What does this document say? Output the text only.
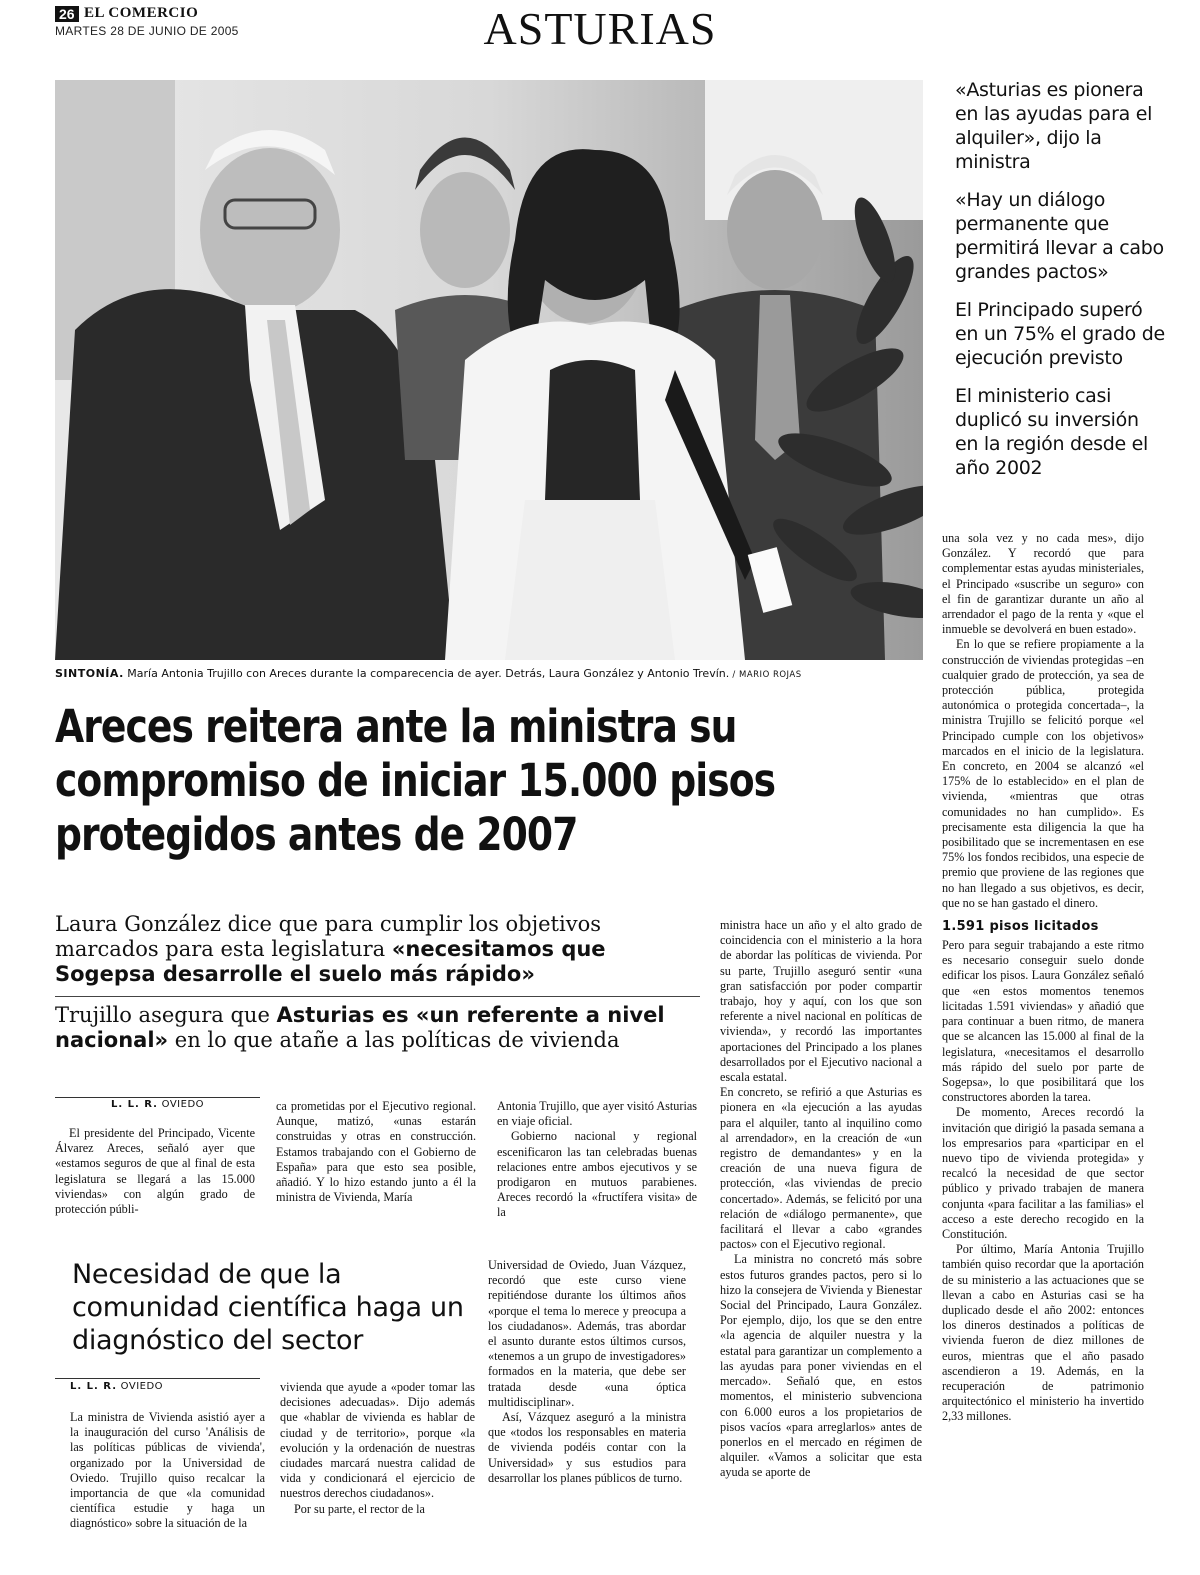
26 EL COMERCIO
MARTES 28 DE JUNIO DE 2005	ASTURIAS
SINTONÍA. María Antonia Trujillo con Areces durante la comparecencia de ayer. Detrás, Laura González y Antonio Trevín. / MARIO ROJAS
«Asturias es pionera en las ayudas para el alquiler», dijo la ministra
«Hay un diálogo permanente que permitirá llevar a cabo grandes pactos»
El Principado superó en un 75% el grado de ejecución previsto
El ministerio casi duplicó su inversión en la región desde el año 2002
Areces reitera ante la ministra su compromiso de iniciar 15.000 pisos protegidos antes de 2007
Laura González dice que para cumplir los objetivos marcados para esta legislatura «necesitamos que Sogepsa desarrolle el suelo más rápido»
Trujillo asegura que Asturias es «un referente a nivel nacional» en lo que atañe a las políticas de vivienda
L. L. R. OVIEDO

El presidente del Principado, Vicente Álvarez Areces, señaló ayer que «estamos seguros de que al final de esta legislatura se llegará a las 15.000 viviendas» con algún grado de protección públi-

ca prometidas por el Ejecutivo regional. Aunque, matizó, «unas estarán construidas y otras en construcción. Estamos trabajando con el Gobierno de España» para que esto sea posible, añadió. Y lo hizo estando junto a él la ministra de Vivienda, María

Antonia Trujillo, que ayer visitó Asturias en viaje oficial.

Gobierno nacional y regional escenificaron las tan celebradas buenas relaciones entre ambos ejecutivos y se prodigaron en mutuos parabienes. Areces recordó la «fructífera visita» de la

ministra hace un año y el alto grado de coincidencia con el ministerio a la hora de abordar las políticas de vivienda. Por su parte, Trujillo aseguró sentir «una gran satisfacción por poder compartir trabajo, hoy y aquí, con los que son referente a nivel nacional en políticas de vivienda», y recordó las importantes aportaciones del Principado a los planes desarrollados por el Ejecutivo nacional a escala estatal.

En concreto, se refirió a que Asturias es pionera en «la ejecución a las ayudas para el alquiler, tanto al inquilino como al arrendador», en la creación de «un registro de demandantes» y en la creación de una nueva figura de protección, «las viviendas de precio concertado». Además, se felicitó por una relación de «diálogo permanente», que facilitará el llevar a cabo «grandes pactos» con el Ejecutivo regional.

La ministra no concretó más sobre estos futuros grandes pactos, pero si lo hizo la consejera de Vivienda y Bienestar Social del Principado, Laura González. Por ejemplo, dijo, los que se den entre «la agencia de alquiler nuestra y la estatal para garantizar un complemento a las ayudas para poner viviendas en el mercado». Señaló que, en estos momentos, el ministerio subvenciona con 6.000 euros a los propietarios de pisos vacíos «para arreglarlos» antes de ponerlos en el mercado en régimen de alquiler. «Vamos a solicitar que esta ayuda se aporte de

una sola vez y no cada mes», dijo González. Y recordó que para complementar estas ayudas ministeriales, el Principado «suscribe un seguro» con el fin de garantizar durante un año al arrendador el pago de la renta y «que el inmueble se devolverá en buen estado».

En lo que se refiere propiamente a la construcción de viviendas protegidas –en cualquier grado de protección, ya sea de protección pública, protegida autonómica o protegida concertada–, la ministra Trujillo se felicitó porque «el Principado cumple con los objetivos» marcados en el inicio de la legislatura. En concreto, en 2004 se alcanzó «el 175% de lo establecido» en el plan de vivienda, «mientras que otras comunidades no han cumplido». Es precisamente esta diligencia la que ha posibilitado que se incrementasen en ese 75% los fondos recibidos, una especie de premio que proviene de las regiones que no han llegado a sus objetivos, es decir, que no se han gastado el dinero.

1.591 pisos licitados

Pero para seguir trabajando a este ritmo es necesario conseguir suelo donde edificar los pisos. Laura González señaló que «en estos momentos tenemos licitadas 1.591 viviendas» y añadió que para continuar a buen ritmo, de manera que se alcancen las 15.000 al final de la legislatura, «necesitamos el desarrollo más rápido del suelo por parte de Sogepsa», lo que posibilitará que los constructores aborden la tarea.

De momento, Areces recordó la invitación que dirigió la pasada semana a los empresarios para «participar en el nuevo tipo de vivienda protegida» y recalcó la necesidad de que sector público y privado trabajen de manera conjunta «para facilitar a las familias» el acceso a este derecho recogido en la Constitución.

Por último, María Antonia Trujillo también quiso recordar que la aportación de su ministerio a las actuaciones que se llevan a cabo en Asturias casi se ha duplicado desde el año 2002: entonces los dineros destinados a políticas de vivienda fueron de diez millones de euros, mientras que el año pasado ascendieron a 19. Además, en la recuperación de patrimonio arquitectónico el ministerio ha invertido 2,33 millones.

Necesidad de que la comunidad científica haga un diagnóstico del sector
L. L. R. OVIEDO

La ministra de Vivienda asistió ayer a la inauguración del curso 'Análisis de las políticas públicas de vivienda', organizado por la Universidad de Oviedo. Trujillo quiso recalcar la importancia de que «la comunidad científica estudie y haga un diagnóstico» sobre la situación de la

vivienda que ayude a «poder tomar las decisiones adecuadas». Dijo además que «hablar de vivienda es hablar de ciudad y de territorio», porque «la evolución y la ordenación de nuestras ciudades marcará nuestra calidad de vida y condicionará el ejercicio de nuestros derechos ciudadanos».

Por su parte, el rector de la

Universidad de Oviedo, Juan Vázquez, recordó que este curso viene repitiéndose durante los últimos años «porque el tema lo merece y preocupa a los ciudadanos». Además, tras abordar el asunto durante estos últimos cursos, «tenemos a un grupo de investigadores» formados en la materia, que debe ser tratada desde «una óptica multidisciplinar».

Así, Vázquez aseguró a la ministra que «todos los responsables en materia de vivienda podéis contar con la Universidad» y sus estudios para desarrollar los planes públicos de turno.
